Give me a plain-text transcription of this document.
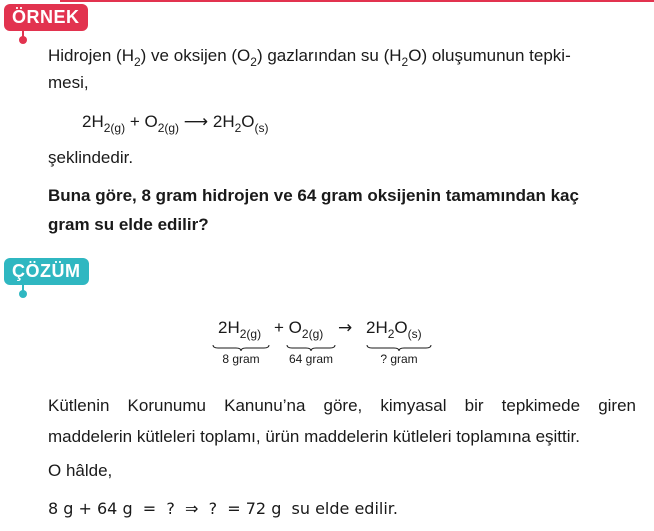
ÖRNEK
Hidrojen $(H_2)$ ve oksijen $(O_2)$ gazlarından su $(H_2O)$ oluşumunun tepki-
mesi,
$2H_{2(g)} + O_{2(g)}$ ⟶ $2H_2O_{(s)}$
şeklindedir.
Buna göre, 8 gram hidrojen ve 64 gram oksijenin tamamından kaç
gram su elde edilir?
ÇÖZÜM
$2H_{2(g)} + O_{2(g)} \to 2H_2O_{(s)}$
8 gram	64 gram	? gram
Kütlenin Korunumu Kanunu’na göre, kimyasal bir tepkimede giren
maddelerin kütleleri toplamı, ürün maddelerin kütleleri toplamına eşittir.
O hâlde,
8 g + 64 g  =  ?  ⇒  ?  = 72 g  su elde edilir.
